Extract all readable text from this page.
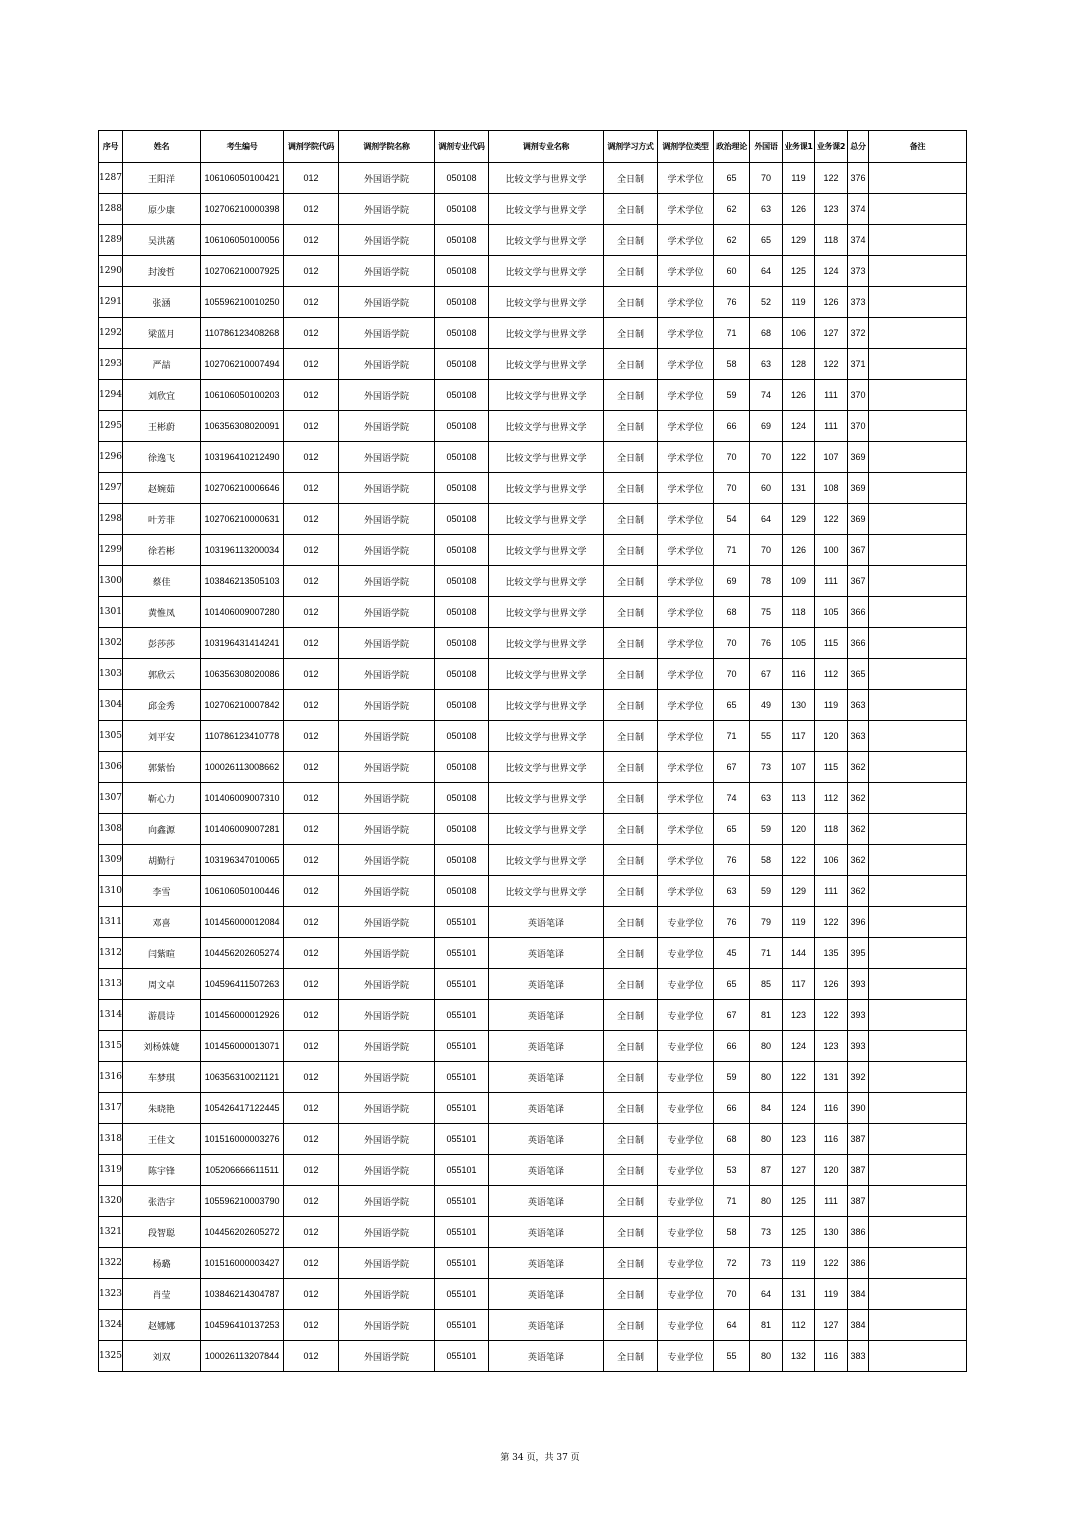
序号	姓名	考生编号	调剂学院代码	调剂学院名称	调剂专业代码	调剂专业名称	调剂学习方式	调剂学位类型	政治理论	外国语	业务课1	业务课2	总分	备注
1287	王阳洋	106106050100421	012	外国语学院	050108	比较文学与世界文学	全日制	学术学位	65	70	119	122	376	
1288	原少康	102706210000398	012	外国语学院	050108	比较文学与世界文学	全日制	学术学位	62	63	126	123	374	
1289	吴洪菡	106106050100056	012	外国语学院	050108	比较文学与世界文学	全日制	学术学位	62	65	129	118	374	
1290	封浚哲	102706210007925	012	外国语学院	050108	比较文学与世界文学	全日制	学术学位	60	64	125	124	373	
1291	张涵	105596210010250	012	外国语学院	050108	比较文学与世界文学	全日制	学术学位	76	52	119	126	373	
1292	梁蓝月	110786123408268	012	外国语学院	050108	比较文学与世界文学	全日制	学术学位	71	68	106	127	372	
1293	严喆	102706210007494	012	外国语学院	050108	比较文学与世界文学	全日制	学术学位	58	63	128	122	371	
1294	刘欣宜	106106050100203	012	外国语学院	050108	比较文学与世界文学	全日制	学术学位	59	74	126	111	370	
1295	王彬蔚	106356308020091	012	外国语学院	050108	比较文学与世界文学	全日制	学术学位	66	69	124	111	370	
1296	徐逸飞	103196410212490	012	外国语学院	050108	比较文学与世界文学	全日制	学术学位	70	70	122	107	369	
1297	赵婉茹	102706210006646	012	外国语学院	050108	比较文学与世界文学	全日制	学术学位	70	60	131	108	369	
1298	叶芳菲	102706210000631	012	外国语学院	050108	比较文学与世界文学	全日制	学术学位	54	64	129	122	369	
1299	徐若彬	103196113200034	012	外国语学院	050108	比较文学与世界文学	全日制	学术学位	71	70	126	100	367	
1300	蔡佳	103846213505103	012	外国语学院	050108	比较文学与世界文学	全日制	学术学位	69	78	109	111	367	
1301	黄惟凤	101406009007280	012	外国语学院	050108	比较文学与世界文学	全日制	学术学位	68	75	118	105	366	
1302	彭莎莎	103196431414241	012	外国语学院	050108	比较文学与世界文学	全日制	学术学位	70	76	105	115	366	
1303	郭欣云	106356308020086	012	外国语学院	050108	比较文学与世界文学	全日制	学术学位	70	67	116	112	365	
1304	邱金秀	102706210007842	012	外国语学院	050108	比较文学与世界文学	全日制	学术学位	65	49	130	119	363	
1305	刘平安	110786123410778	012	外国语学院	050108	比较文学与世界文学	全日制	学术学位	71	55	117	120	363	
1306	郭紫怡	100026113008662	012	外国语学院	050108	比较文学与世界文学	全日制	学术学位	67	73	107	115	362	
1307	靳心力	101406009007310	012	外国语学院	050108	比较文学与世界文学	全日制	学术学位	74	63	113	112	362	
1308	向鑫源	101406009007281	012	外国语学院	050108	比较文学与世界文学	全日制	学术学位	65	59	120	118	362	
1309	胡勤行	103196347010065	012	外国语学院	050108	比较文学与世界文学	全日制	学术学位	76	58	122	106	362	
1310	李雪	106106050100446	012	外国语学院	050108	比较文学与世界文学	全日制	学术学位	63	59	129	111	362	
1311	邓喜	101456000012084	012	外国语学院	055101	英语笔译	全日制	专业学位	76	79	119	122	396	
1312	闫紫暄	104456202605274	012	外国语学院	055101	英语笔译	全日制	专业学位	45	71	144	135	395	
1313	周文卓	104596411507263	012	外国语学院	055101	英语笔译	全日制	专业学位	65	85	117	126	393	
1314	游晨诗	101456000012926	012	外国语学院	055101	英语笔译	全日制	专业学位	67	81	123	122	393	
1315	刘杨姝婕	101456000013071	012	外国语学院	055101	英语笔译	全日制	专业学位	66	80	124	123	393	
1316	车梦琪	106356310021121	012	外国语学院	055101	英语笔译	全日制	专业学位	59	80	122	131	392	
1317	朱晓艳	105426417122445	012	外国语学院	055101	英语笔译	全日制	专业学位	66	84	124	116	390	
1318	王佳文	101516000003276	012	外国语学院	055101	英语笔译	全日制	专业学位	68	80	123	116	387	
1319	陈宇锋	105206666611511	012	外国语学院	055101	英语笔译	全日制	专业学位	53	87	127	120	387	
1320	张浩宇	105596210003790	012	外国语学院	055101	英语笔译	全日制	专业学位	71	80	125	111	387	
1321	段智聪	104456202605272	012	外国语学院	055101	英语笔译	全日制	专业学位	58	73	125	130	386	
1322	杨璐	101516000003427	012	外国语学院	055101	英语笔译	全日制	专业学位	72	73	119	122	386	
1323	肖莹	103846214304787	012	外国语学院	055101	英语笔译	全日制	专业学位	70	64	131	119	384	
1324	赵娜娜	104596410137253	012	外国语学院	055101	英语笔译	全日制	专业学位	64	81	112	127	384	
1325	刘双	100026113207844	012	外国语学院	055101	英语笔译	全日制	专业学位	55	80	132	116	383	
第 34 页，共 37 页
